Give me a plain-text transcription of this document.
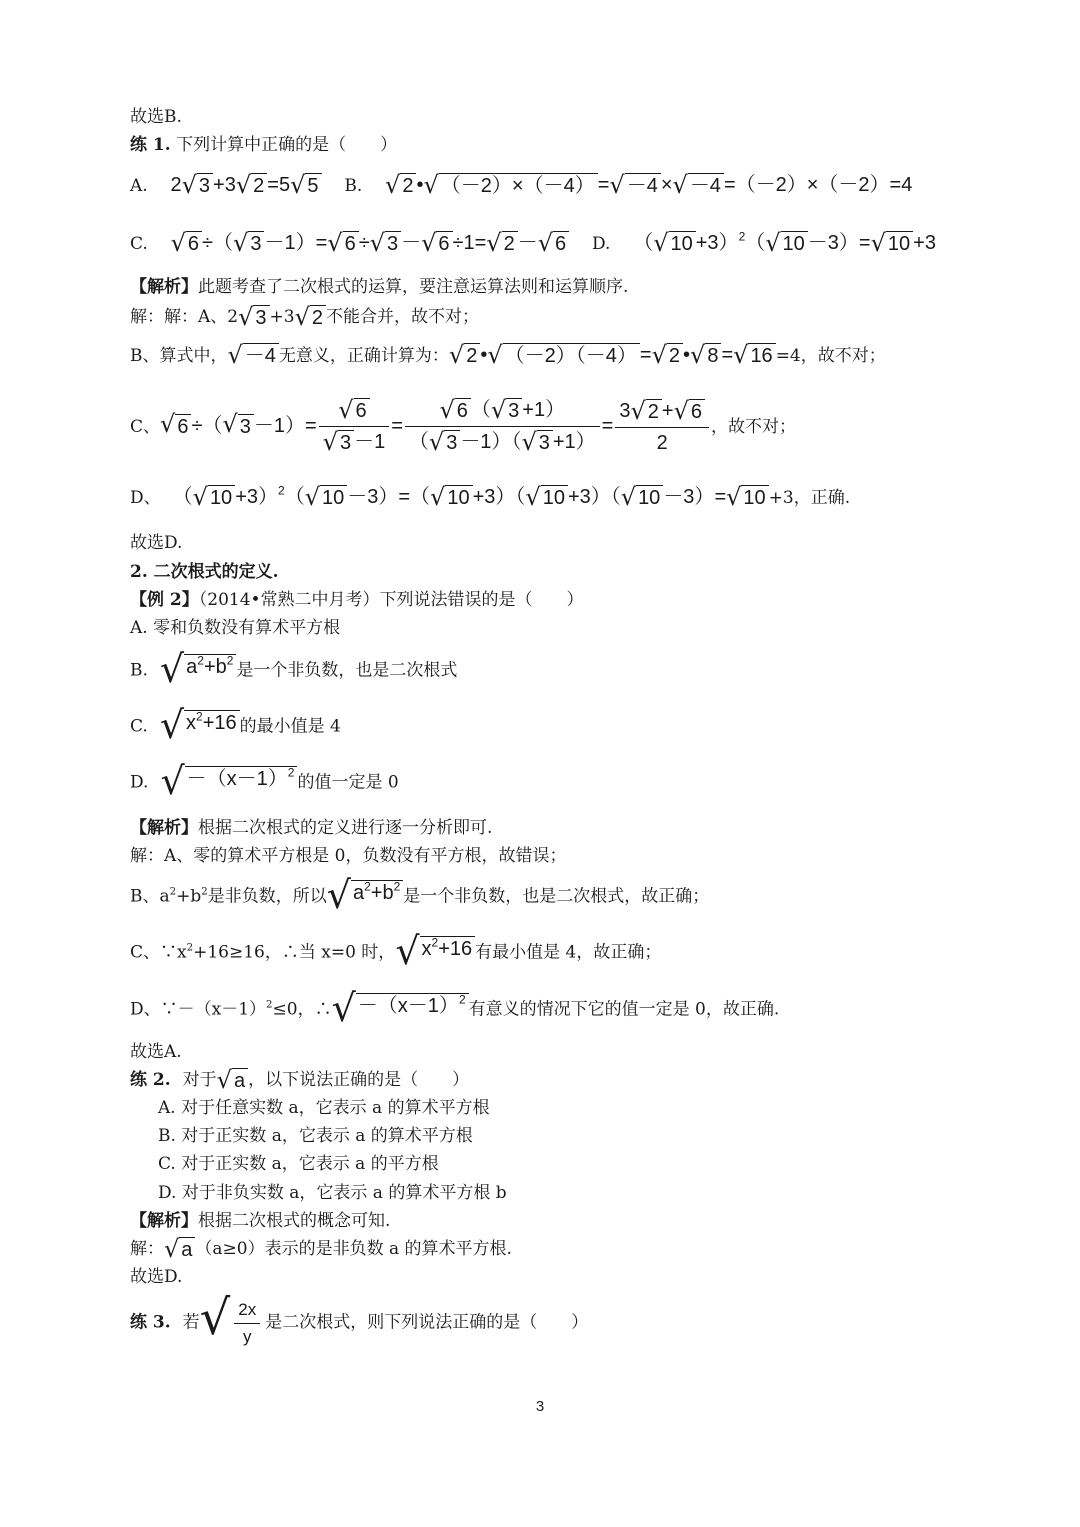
故选B.
练 1. 下列计算中正确的是（　　）
A. 2√ 3 +3√ 2 =5√ 5 B. √ 2 •√ （－2）×（－4） =√ －4 ×√ －4 =（－2）×（－2）=4
C. √ 6 ÷（√ 3 －1）=√ 6 ÷√ 3 －√ 6 ÷1=√ 2 －√ 6 D. （√ 10 +3）$^2$（√ 10 －3）=√ 10 +3
【解析】此题考查了二次根式的运算，要注意运算法则和运算顺序.
解：解：A、2√ 3 +3√ 2 不能合并，故不对；
B、算式中，√ －4 无意义，正确计算为：√ 2 •√ （－2）（－4） =√ 2 •√ 8 =√ 16 =4，故不对；
C、√ 6 ÷（√ $3 -1)= \frac{√ 6}{√ 3 -1} = \frac{√ 6 (√ 3 +1)}{(√ 3 -1)(√ 3 +1)} = \frac{3√ 2 +√ 6}{2}$ ，故不对；
D、 （√ 10 +3）$^2$（√ 10 －3）=（√ 10 +3）（√ 10 +3）（√ 10 －3）=√ 10 +3，正确.
故选D.
2. 二次根式的定义.
【例 2】（2014•常熟二中月考）下列说法错误的是（　　）
A. 零和负数没有算术平方根
B. √ $a^2+b^2$ 是一个非负数，也是二次根式
C. √ $x^2+16$ 的最小值是 4
D. √ $-(x-1)^2$ 的值一定是 0
【解析】根据二次根式的定义进行逐一分析即可.
解：A、零的算术平方根是 0，负数没有平方根，故错误；
B、$a^2+b^2$是非负数，所以√ $a^2+b^2$ 是一个非负数，也是二次根式，故正确；
C、$\because x^2+16\ge 16$，∴当 x=0 时，√ $x^2+16$ 有最小值是 4，故正确；
D、$\because-(x-1)^2\le 0$，∴√ $-(x-1)^2$ 有意义的情况下它的值一定是 0，故正确.
故选A.
练 2. 对于√ a ，以下说法正确的是（　　）
A. 对于任意实数 a，它表示 a 的算术平方根
B. 对于正实数 a，它表示 a 的算术平方根
C. 对于正实数 a，它表示 a 的平方根
D. 对于非负实数 a，它表示 a 的算术平方根 b
【解析】根据二次根式的概念可知.
解：√ a （a≥0）表示的是非负数 a 的算术平方根.
故选D.
练 3. 若√ $\frac{2x}{y}$ 是二次根式，则下列说法正确的是（　　）
3
